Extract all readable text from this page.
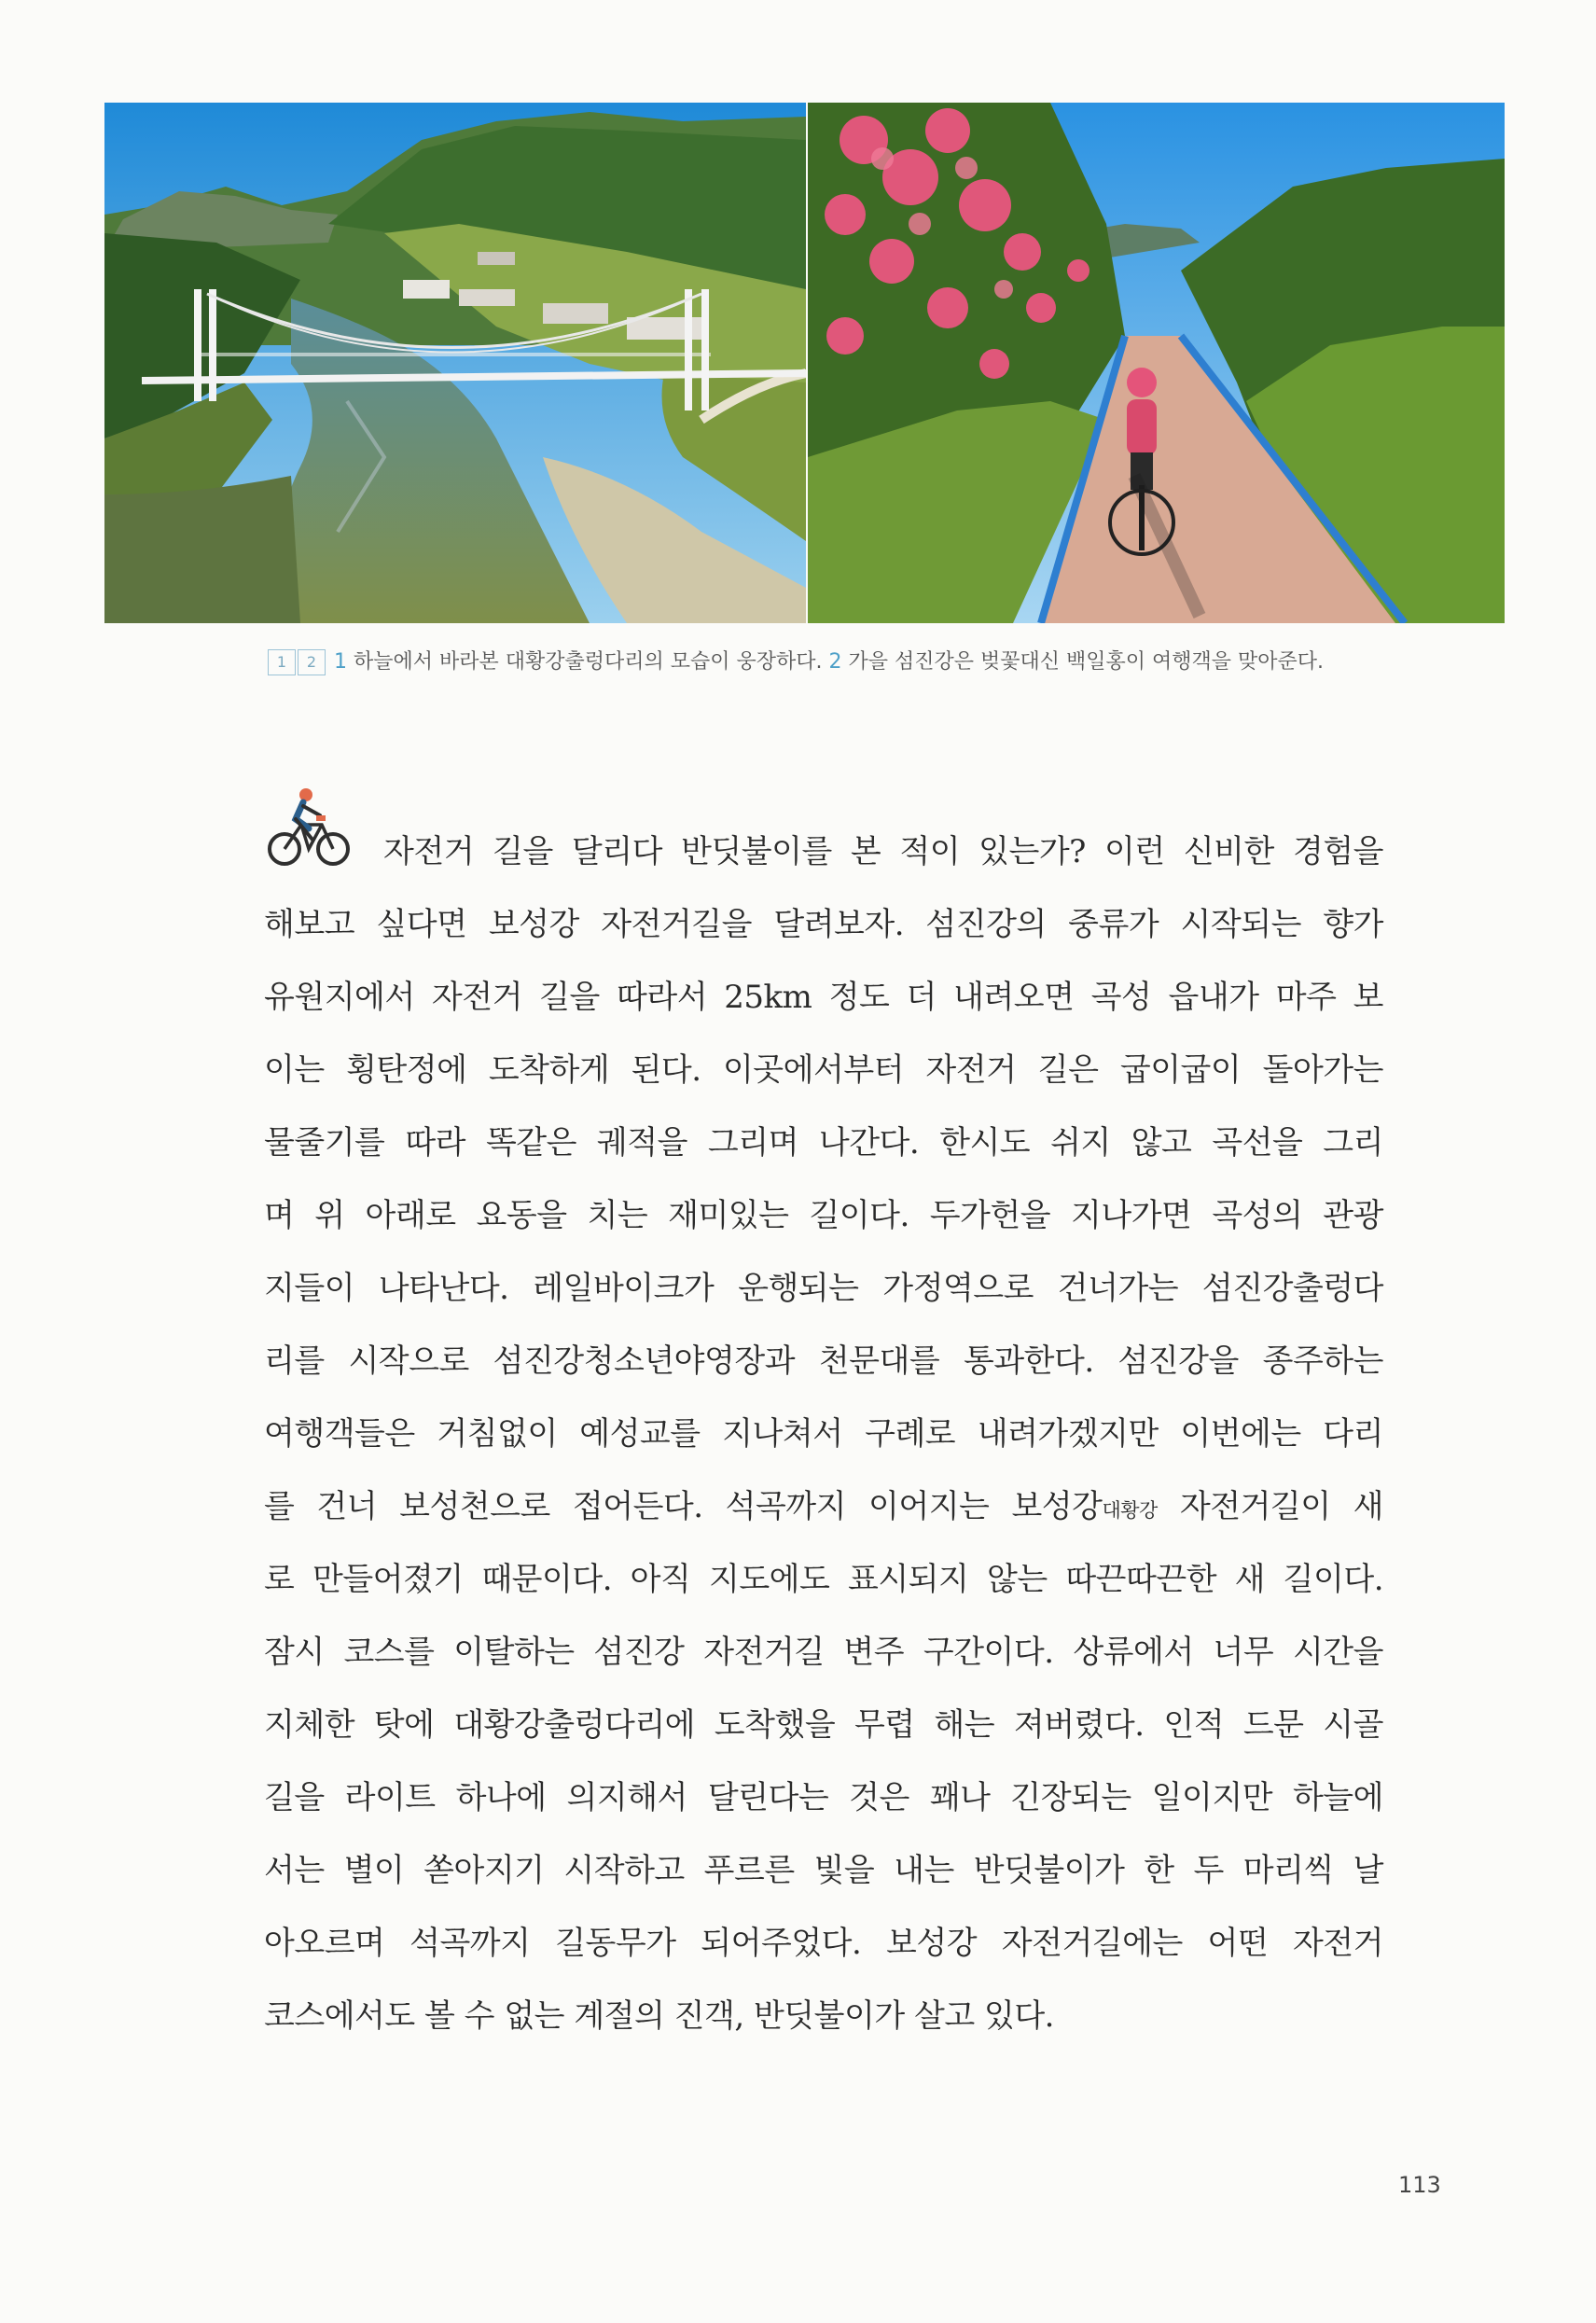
1 2 1 하늘에서 바라본 대황강출렁다리의 모습이 웅장하다. 2 가을 섬진강은 벚꽃대신 백일홍이 여행객을 맞아준다.
자전거 길을 달리다 반딧불이를 본 적이 있는가? 이런 신비한 경험을
해보고 싶다면 보성강 자전거길을 달려보자. 섬진강의 중류가 시작되는 향가
유원지에서 자전거 길을 따라서 25km 정도 더 내려오면 곡성 읍내가 마주 보
이는 횡탄정에 도착하게 된다. 이곳에서부터 자전거 길은 굽이굽이 돌아가는
물줄기를 따라 똑같은 궤적을 그리며 나간다. 한시도 쉬지 않고 곡선을 그리
며 위 아래로 요동을 치는 재미있는 길이다. 두가헌을 지나가면 곡성의 관광
지들이 나타난다. 레일바이크가 운행되는 가정역으로 건너가는 섬진강출렁다
리를 시작으로 섬진강청소년야영장과 천문대를 통과한다. 섬진강을 종주하는
여행객들은 거침없이 예성교를 지나쳐서 구례로 내려가겠지만 이번에는 다리
를 건너 보성천으로 접어든다. 석곡까지 이어지는 보성강대황강 자전거길이 새
로 만들어졌기 때문이다. 아직 지도에도 표시되지 않는 따끈따끈한 새 길이다.
잠시 코스를 이탈하는 섬진강 자전거길 변주 구간이다. 상류에서 너무 시간을
지체한 탓에 대황강출렁다리에 도착했을 무렵 해는 져버렸다. 인적 드문 시골
길을 라이트 하나에 의지해서 달린다는 것은 꽤나 긴장되는 일이지만 하늘에
서는 별이 쏟아지기 시작하고 푸르른 빛을 내는 반딧불이가 한 두 마리씩 날
아오르며 석곡까지 길동무가 되어주었다. 보성강 자전거길에는 어떤 자전거
코스에서도 볼 수 없는 계절의 진객, 반딧불이가 살고 있다.
113
